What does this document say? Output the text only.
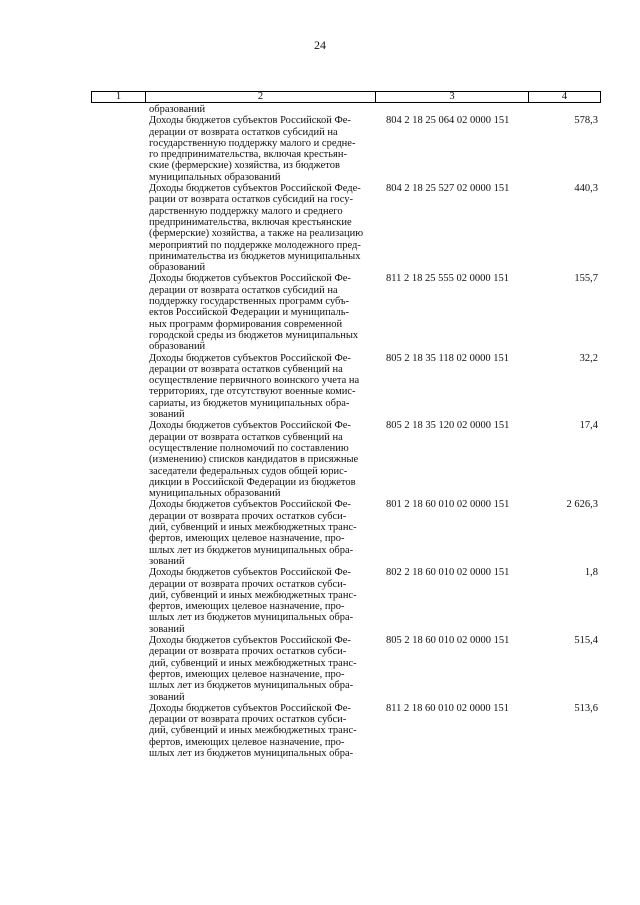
24
1	2	3	4
образований
Доходы бюджетов субъектов Российской Фе-
дерации от возврата остатков субсидий на
государственную поддержку малого и средне-
го предпринимательства, включая крестьян-
ские (фермерские) хозяйства, из бюджетов
муниципальных образований
804 2 18 25 064 02 0000 151	578,3
Доходы бюджетов субъектов Российской Феде-
рации от возврата остатков субсидий на госу-
дарственную поддержку малого и среднего
предпринимательства, включая крестьянские
(фермерские) хозяйства, а также на реализацию
мероприятий по поддержке молодежного пред-
принимательства из бюджетов муниципальных
образований
804 2 18 25 527 02 0000 151	440,3
Доходы бюджетов субъектов Российской Фе-
дерации от возврата остатков субсидий на
поддержку государственных программ субъ-
ектов Российской Федерации и муниципаль-
ных программ формирования современной
городской среды из бюджетов муниципальных
образований
811 2 18 25 555 02 0000 151	155,7
Доходы бюджетов субъектов Российской Фе-
дерации от возврата остатков субвенций на
осуществление первичного воинского учета на
территориях, где отсутствуют военные комис-
сариаты, из бюджетов муниципальных обра-
зований
805 2 18 35 118 02 0000 151	32,2
Доходы бюджетов субъектов Российской Фе-
дерации от возврата остатков субвенций на
осуществление полномочий по составлению
(изменению) списков кандидатов в присяжные
заседатели федеральных судов общей юрис-
дикции в Российской Федерации из бюджетов
муниципальных образований
805 2 18 35 120 02 0000 151	17,4
Доходы бюджетов субъектов Российской Фе-
дерации от возврата прочих остатков субси-
дий, субвенций и иных межбюджетных транс-
фертов, имеющих целевое назначение, про-
шлых лет из бюджетов муниципальных обра-
зований
801 2 18 60 010 02 0000 151	2 626,3
Доходы бюджетов субъектов Российской Фе-
дерации от возврата прочих остатков субси-
дий, субвенций и иных межбюджетных транс-
фертов, имеющих целевое назначение, про-
шлых лет из бюджетов муниципальных обра-
зований
802 2 18 60 010 02 0000 151	1,8
Доходы бюджетов субъектов Российской Фе-
дерации от возврата прочих остатков субси-
дий, субвенций и иных межбюджетных транс-
фертов, имеющих целевое назначение, про-
шлых лет из бюджетов муниципальных обра-
зований
805 2 18 60 010 02 0000 151	515,4
Доходы бюджетов субъектов Российской Фе-
дерации от возврата прочих остатков субси-
дий, субвенций и иных межбюджетных транс-
фертов, имеющих целевое назначение, про-
шлых лет из бюджетов муниципальных обра-
811 2 18 60 010 02 0000 151	513,6
